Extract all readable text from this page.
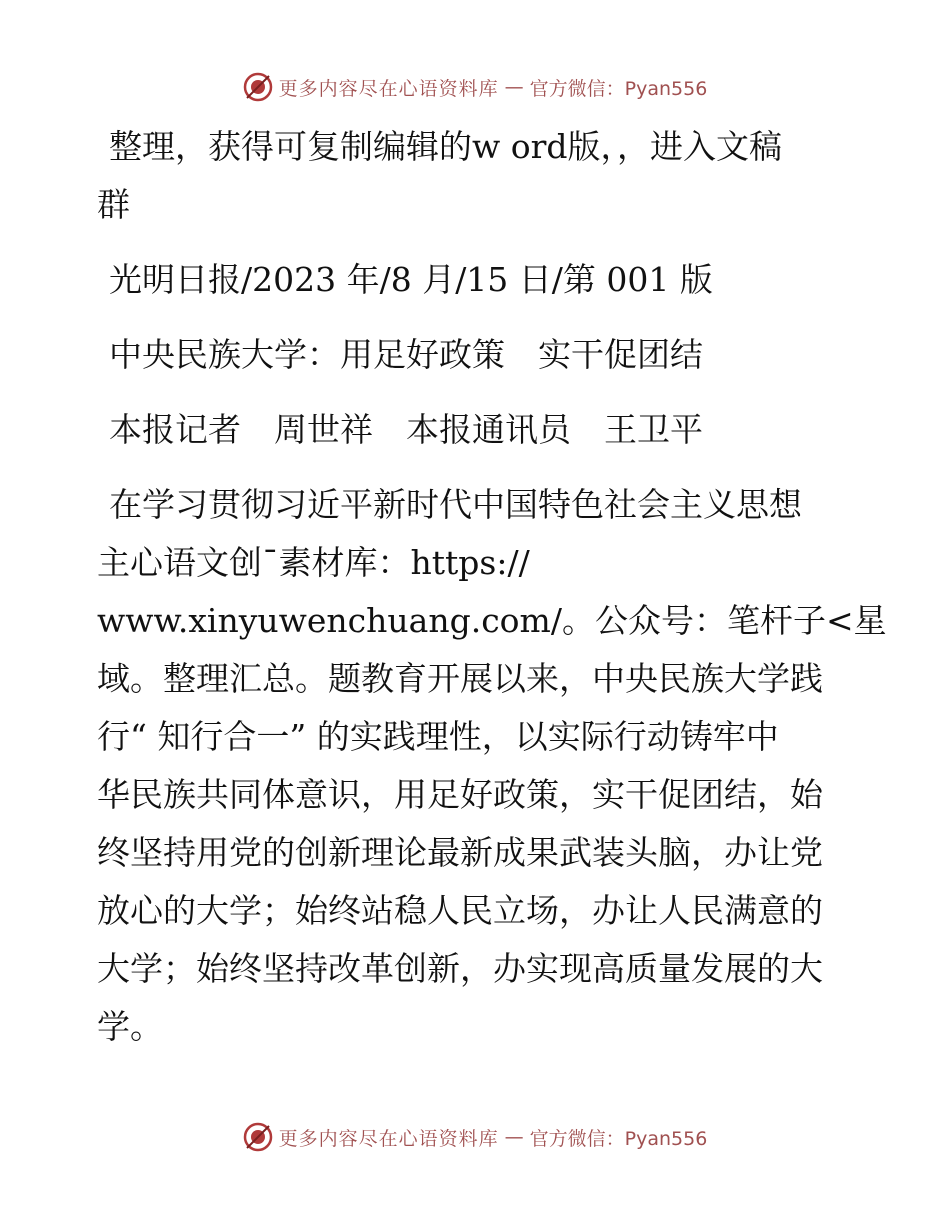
更多内容尽在心语资料库 — 官方微信：Pyan556
整理，获得可复制编辑的w ord版，，进入文稿
群
光明日报/2023 年/8 月/15 日/第 001 版
中央民族大学：用足好政策　实干促团结
本报记者　周世祥　本报通讯员　王卫平
在学习贯彻习近平新时代中国特色社会主义思想
主心语文创¯素材库：https://
www.xinyuwenchuang.com/。公众号：笔杆子<星
域。整理汇总。题教育开展以来，中央民族大学践
行“ 知行合一” 的实践理性，以实际行动铸牢中
华民族共同体意识，用足好政策，实干促团结，始
终坚持用党的创新理论最新成果武装头脑，办让党
放心的大学；始终站稳人民立场，办让人民满意的
大学；始终坚持改革创新，办实现高质量发展的大
学。
更多内容尽在心语资料库 — 官方微信：Pyan556
